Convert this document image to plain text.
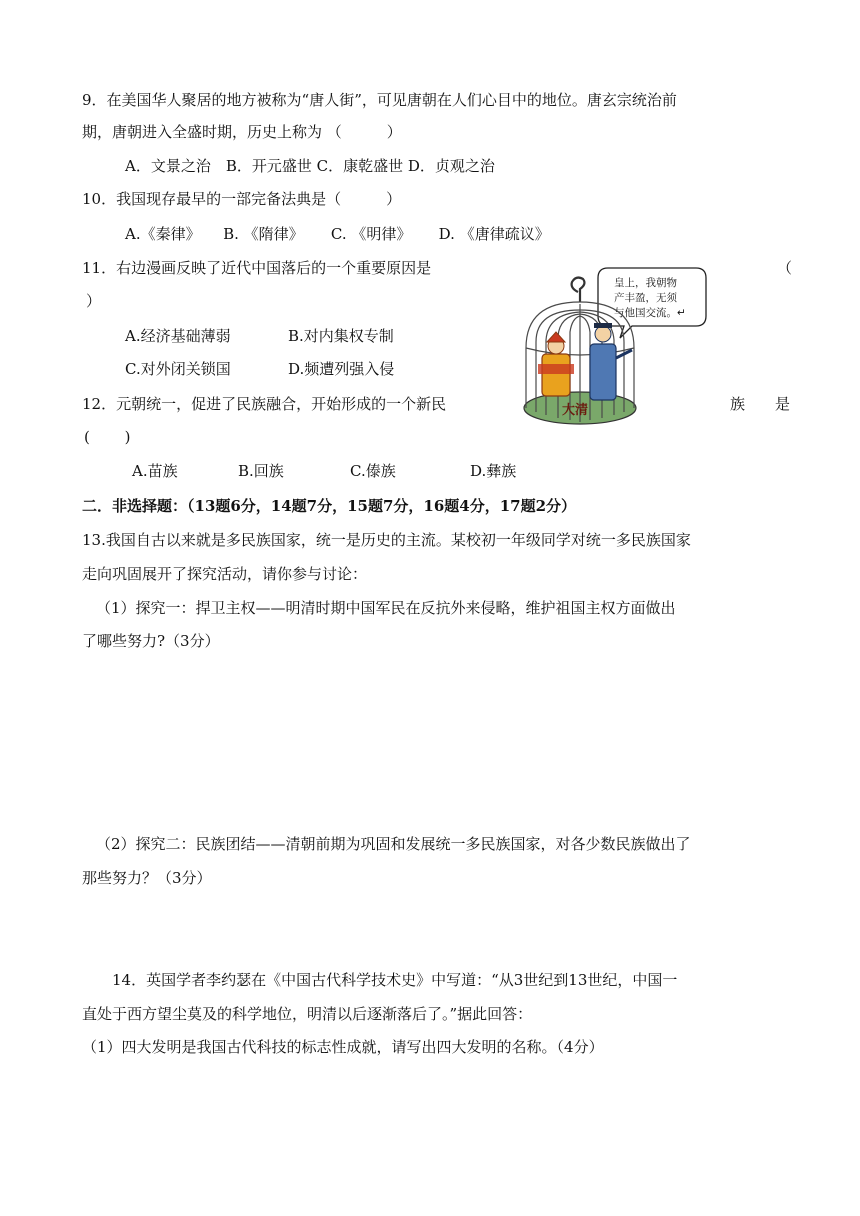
9．在美国华人聚居的地方被称为“唐人街”，可见唐朝在人们心目中的地位。唐玄宗统治前
期，唐朝进入全盛时期，历史上称为 （　　　）
A．文景之治　B．开元盛世 C．康乾盛世 D．贞观之治
10．我国现存最早的一部完备法典是（　　　）
A.《秦律》　　B. 《隋律》　　 C. 《明律》　　 D. 《唐律疏议》
11．右边漫画反映了近代中国落后的一个重要原因是	（
）
A.经济基础薄弱	B.对内集权专制
C.对外闭关锁国	D.频遭列强入侵
皇上，我朝物
产丰盈，无须
与他国交流。↵
大清
12．元朝统一，促进了民族融合，开始形成的一个新民	族　　是
(　　 )
A.苗族	B.回族	C.傣族	D.彝族
二．非选择题：（13题6分，14题7分，15题7分，16题4分，17题2分）
13.我国自古以来就是多民族国家，统一是历史的主流。某校初一年级同学对统一多民族国家
走向巩固展开了探究活动，请你参与讨论：
（1）探究一：捍卫主权——明清时期中国军民在反抗外来侵略，维护祖国主权方面做出
了哪些努力?（3分）
（2）探究二：民族团结——清朝前期为巩固和发展统一多民族国家，对各少数民族做出了
那些努力？（3分）
14．英国学者李约瑟在《中国古代科学技术史》中写道：“从3世纪到13世纪，中国一
直处于西方望尘莫及的科学地位，明清以后逐渐落后了。”据此回答：
（1）四大发明是我国古代科技的标志性成就，请写出四大发明的名称。（4分）
